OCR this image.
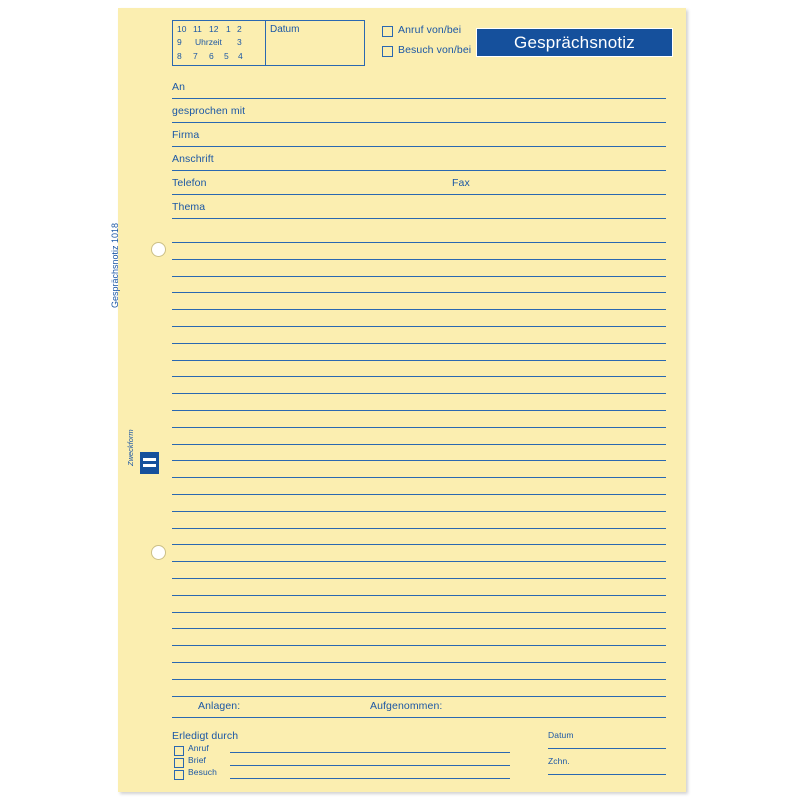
10 11 12 1 2
9 Uhrzeit 3
8 7 6 5 4
Datum	Anruf von/bei
Besuch von/bei	Gesprächsnotiz
An
gesprochen mit
Firma
Anschrift
Telefon	Fax
Thema
Gesprächsnotiz 1018
Zweckform
Anlagen:	Aufgenommen:
Erledigt durch
Anruf
Brief
Besuch
Datum
Zchn.
